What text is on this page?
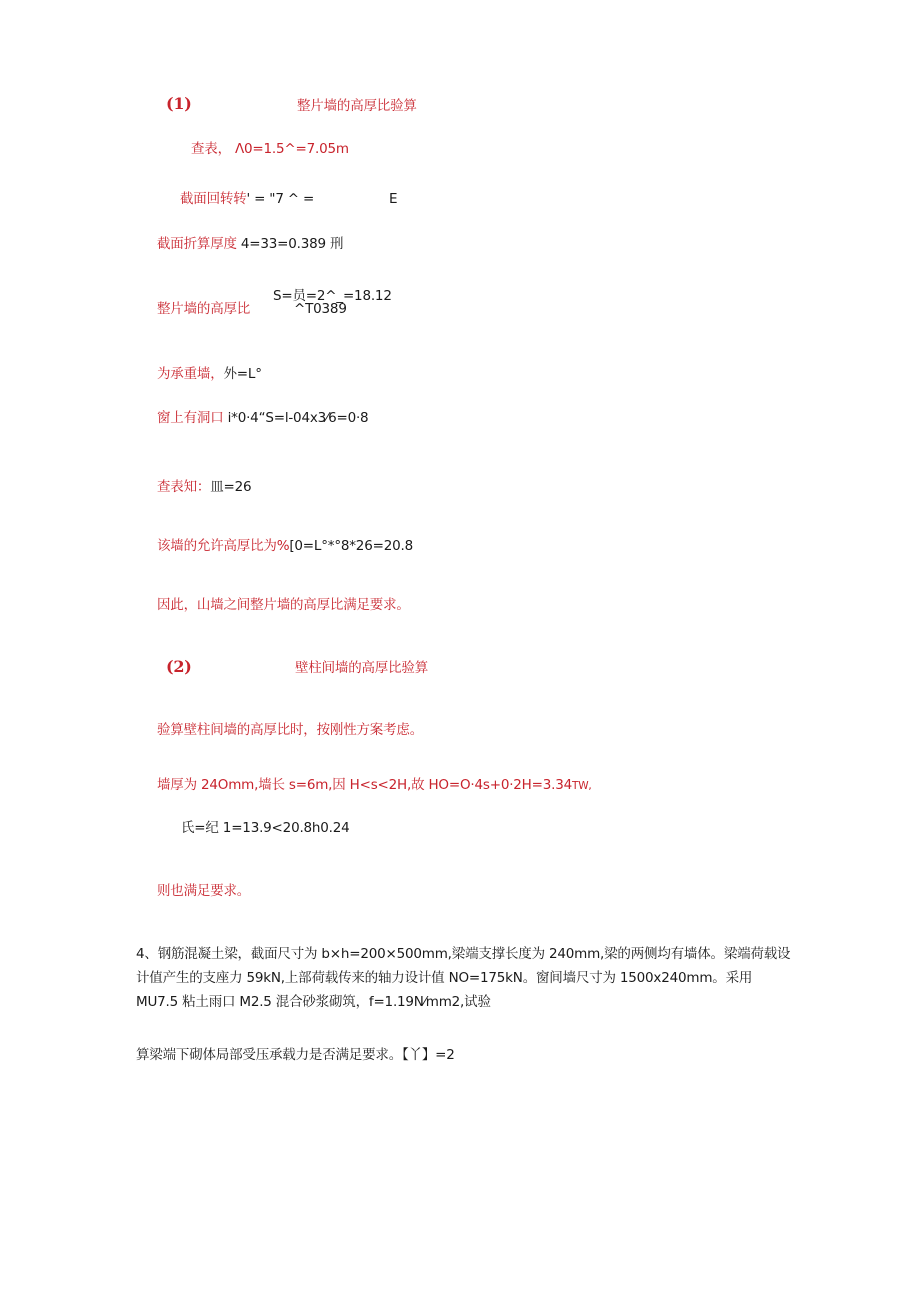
(1)	整片墙的高厚比验算
查表， Λ0=1.5^=7.05m
截面回转转' = "7 ^ =	E
截面折算厚度 4=33=0.389 刑
S=员=2^_=18.12
整片墙的高厚比	^T0389
为承重墙，外=L°
窗上有洞口 i*0·4“S=l-04x3⁄6=0·8
查表知：皿=26
该墙的允许高厚比为%[0=L°*°8*26=20.8
因此，山墙之间整片墙的高厚比满足要求。
(2)	壁柱间墙的高厚比验算
验算壁柱间墙的高厚比时，按刚性方案考虑。
墙厚为 24Omm,墙长 s=6m,因 H<s<2H,故 HO=O·4s+0·2H=3.34TW,
氏=纪 1=13.9<20.8h0.24
则也满足要求。
4、钢筋混凝土梁，截面尺寸为 b×h=200×500mm,梁端支撑长度为 240mm,梁的两侧均有墙体。梁端荷载设计值产生的支座力 59kN,上部荷载传来的轴力设计值 NO=175kN。窗间墙尺寸为 1500x240mm。采用 MU7.5 粘土雨口 M2.5 混合砂浆砌筑，f=1.19N⁄mm2,试验
算梁端下砌体局部受压承载力是否满足要求。【丫】=2
